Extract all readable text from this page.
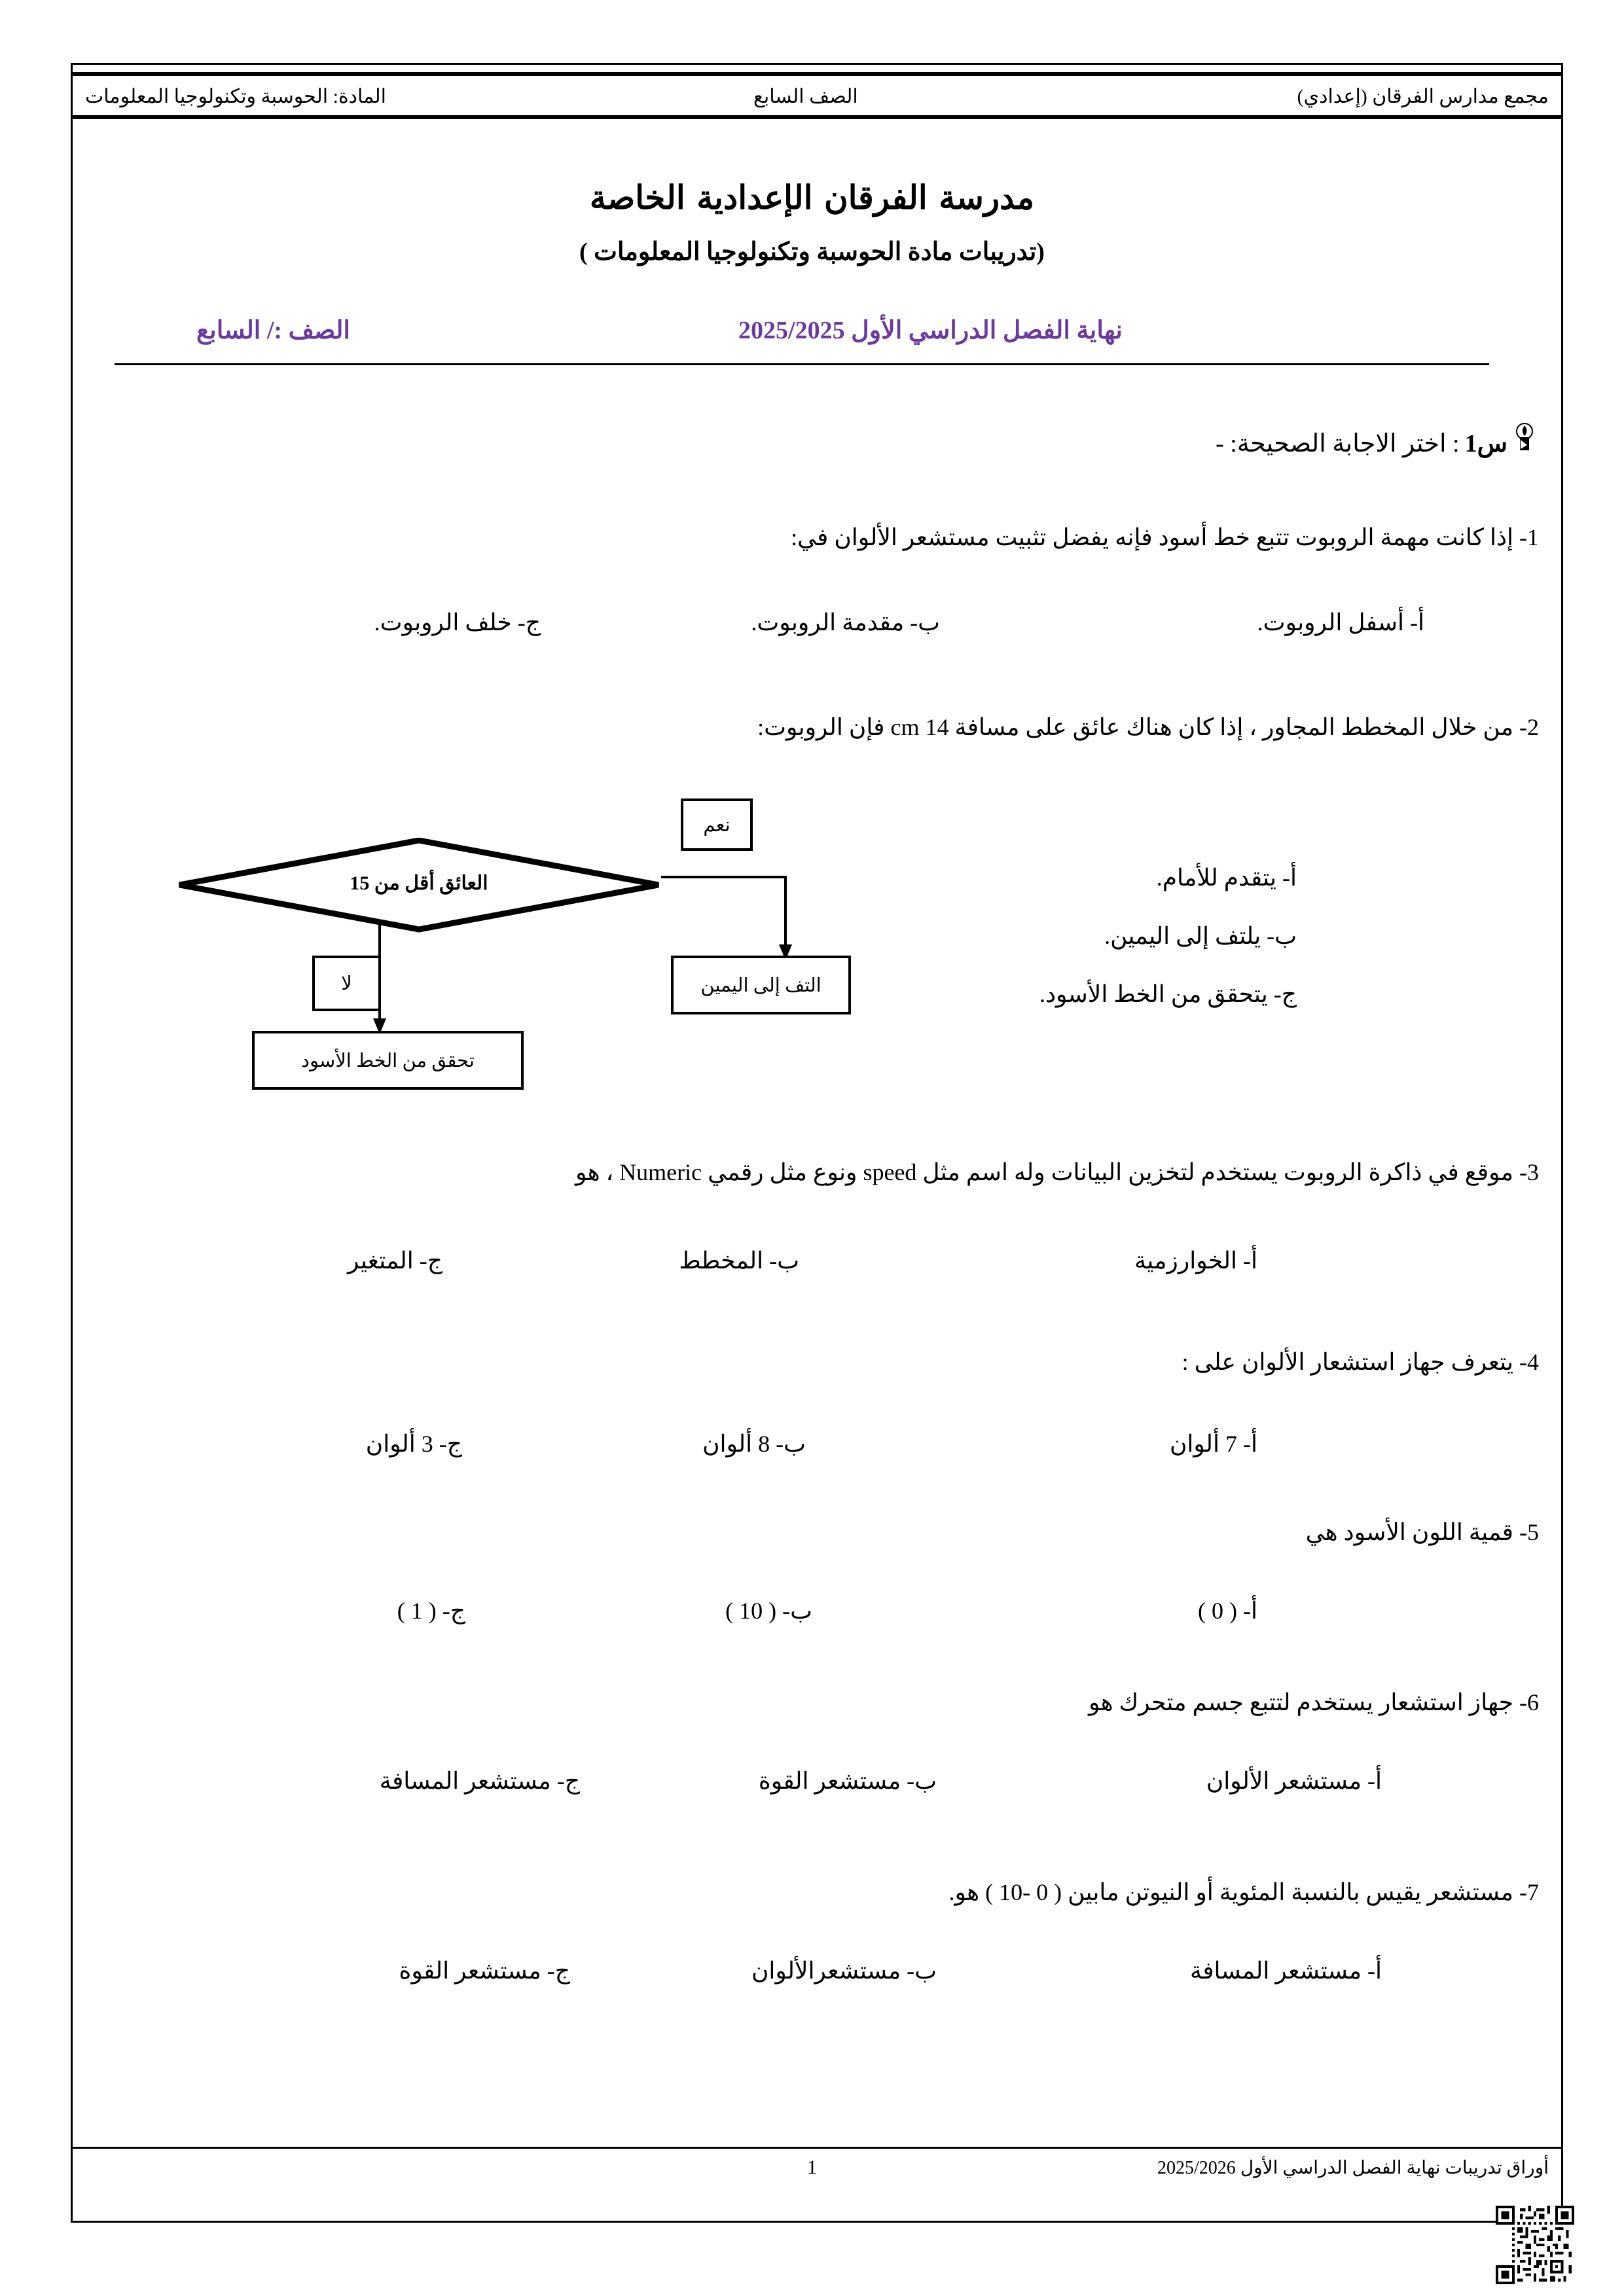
مجمع مدارس الفرقان (إعدادي)
الصف السابع
المادة: الحوسبة وتكنولوجيا المعلومات
مدرسة الفرقان الإعدادية الخاصة
(تدريبات مادة الحوسبة وتكنولوجيا المعلومات )
نهاية الفصل الدراسي الأول 2025/2025
الصف :/ السابع
س1
: اختر الاجابة الصحيحة: -
1- إذا كانت مهمة الروبوت تتبع خط أسود فإنه يفضل تثبيت مستشعر الألوان في:
أ- أسفل الروبوت.
ب- مقدمة الروبوت.
ج- خلف الروبوت.
2- من خلال المخطط المجاور ، إذا كان هناك عائق على مسافة 14 cm فإن الروبوت:
أ- يتقدم للأمام.
ب- يلتف إلى اليمين.
ج- يتحقق من الخط الأسود.
العائق أقل من 15
نعم
لا	التف إلى اليمين
تحقق من الخط الأسود
3- موقع في ذاكرة الروبوت يستخدم لتخزين البيانات وله اسم مثل speed ونوع مثل رقمي Numeric ، هو
أ- الخوارزمية
ب- المخطط
ج- المتغير
4- يتعرف جهاز استشعار الألوان على :
أ- 7 ألوان
ب- 8 ألوان
ج- 3 ألوان
5- قمية اللون الأسود هي
أ- ( 0 )
ب- ( 10 )
ج- ( 1 )
6- جهاز استشعار يستخدم لتتبع جسم متحرك هو
أ- مستشعر الألوان
ب- مستشعر القوة
ج- مستشعر المسافة
7- مستشعر يقيس بالنسبة المئوية أو النيوتن مابين ( 0 -10 ) هو.
أ- مستشعر المسافة
ب- مستشعرالألوان
ج- مستشعر القوة
أوراق تدريبات نهاية الفصل الدراسي الأول 2025/2026
1
